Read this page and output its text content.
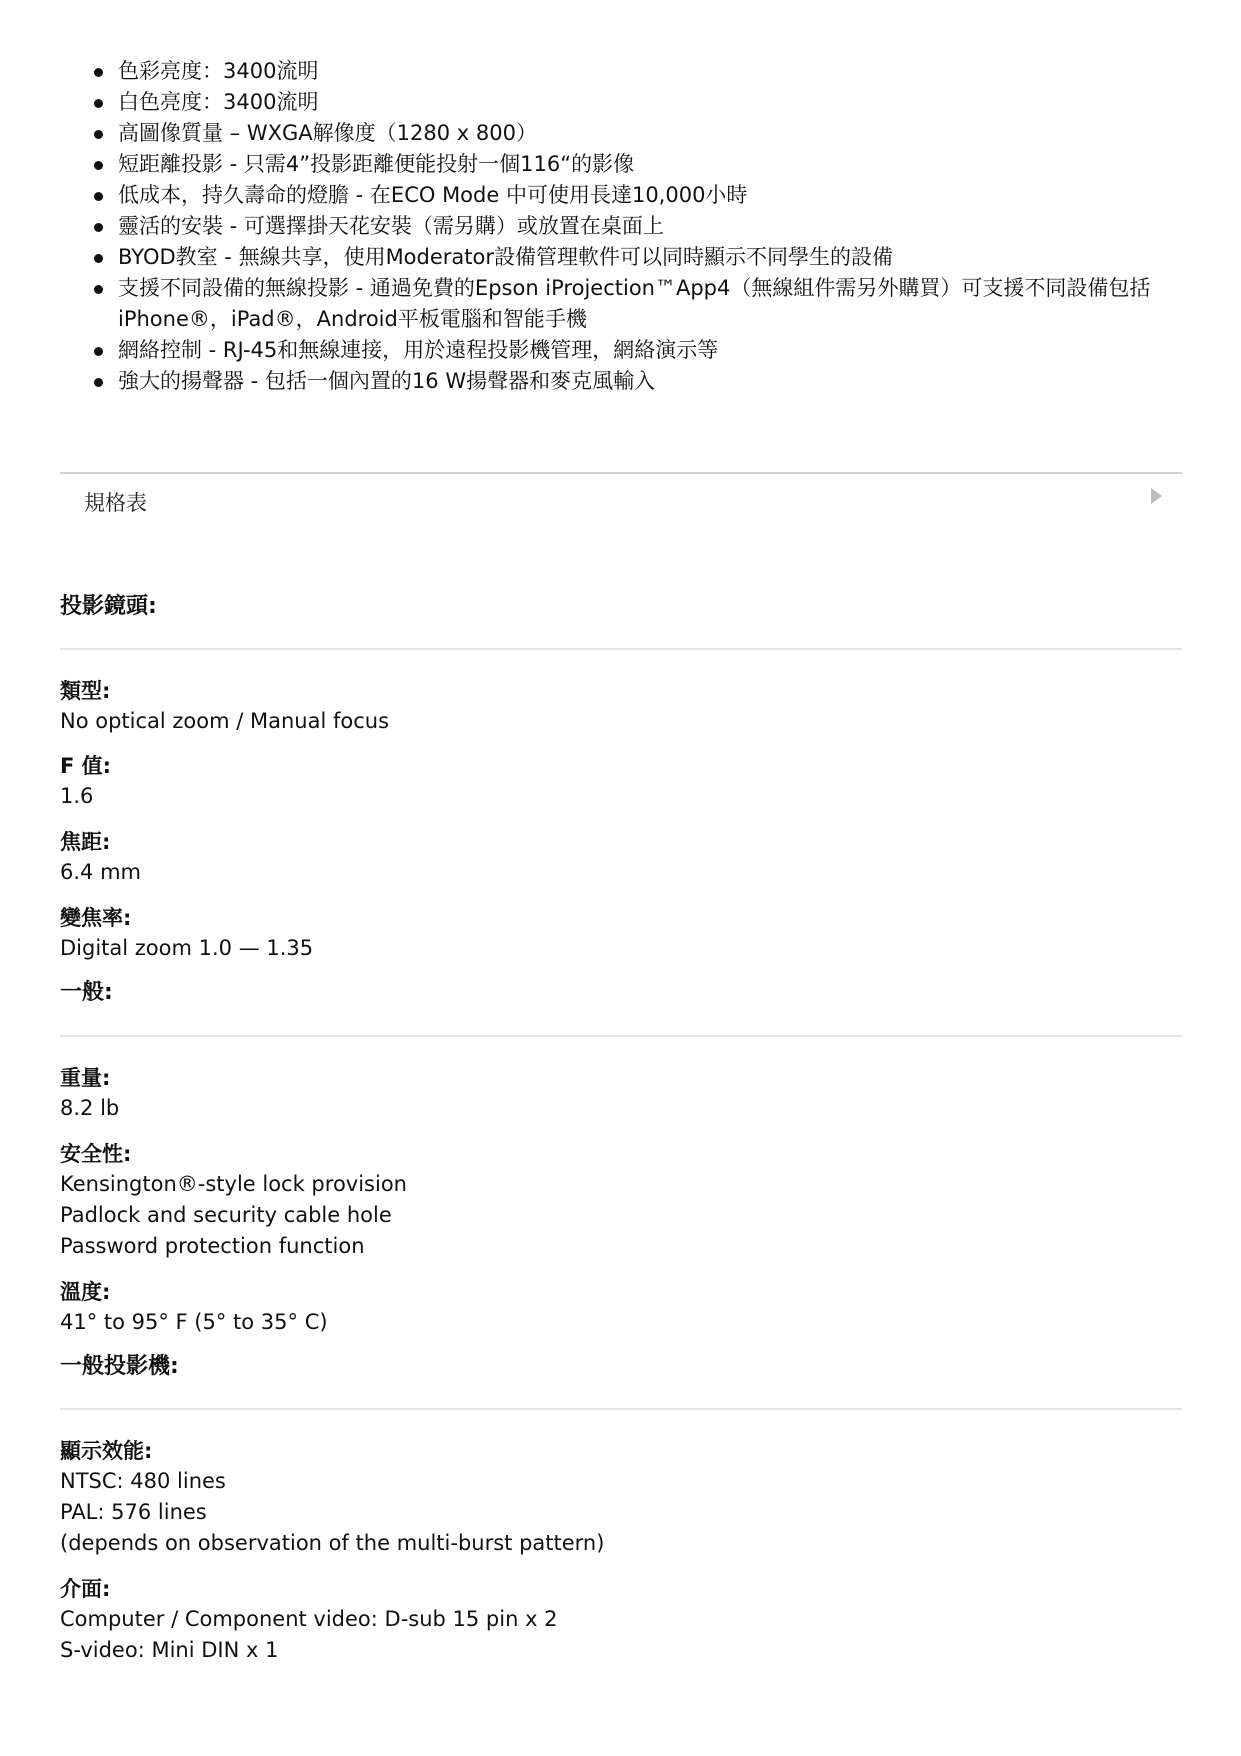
色彩亮度：3400流明
白色亮度：3400流明
高圖像質量 – WXGA解像度（1280 x 800）
短距離投影 - 只需4”投影距離便能投射一個116“的影像
低成本，持久壽命的燈膽 - 在ECO Mode 中可使用長達10,000小時
靈活的安裝 - 可選擇掛天花安裝（需另購）或放置在桌面上
BYOD教室 - 無線共享，使用Moderator設備管理軟件可以同時顯示不同學生的設備
支援不同設備的無線投影 - 通過免費的Epson iProjection™App4（無線組件需另外購買）可支援不同設備包括iPhone®，iPad®，Android平板電腦和智能手機
網絡控制 - RJ-45和無線連接，用於遠程投影機管理，網絡演示等
強大的揚聲器 - 包括一個內置的16 W揚聲器和麥克風輸入
規格表
投影鏡頭:
類型:
No optical zoom / Manual focus
F 值:
1.6
焦距:
6.4 mm
變焦率:
Digital zoom 1.0 — 1.35
一般:
重量:
8.2 lb
安全性:
Kensington®-style lock provision
Padlock and security cable hole
Password protection function
溫度:
41° to 95° F (5° to 35° C)
一般投影機:
顯示效能:
NTSC: 480 lines
PAL: 576 lines
(depends on observation of the multi-burst pattern)
介面:
Computer / Component video: D-sub 15 pin x 2
S-video: Mini DIN x 1
